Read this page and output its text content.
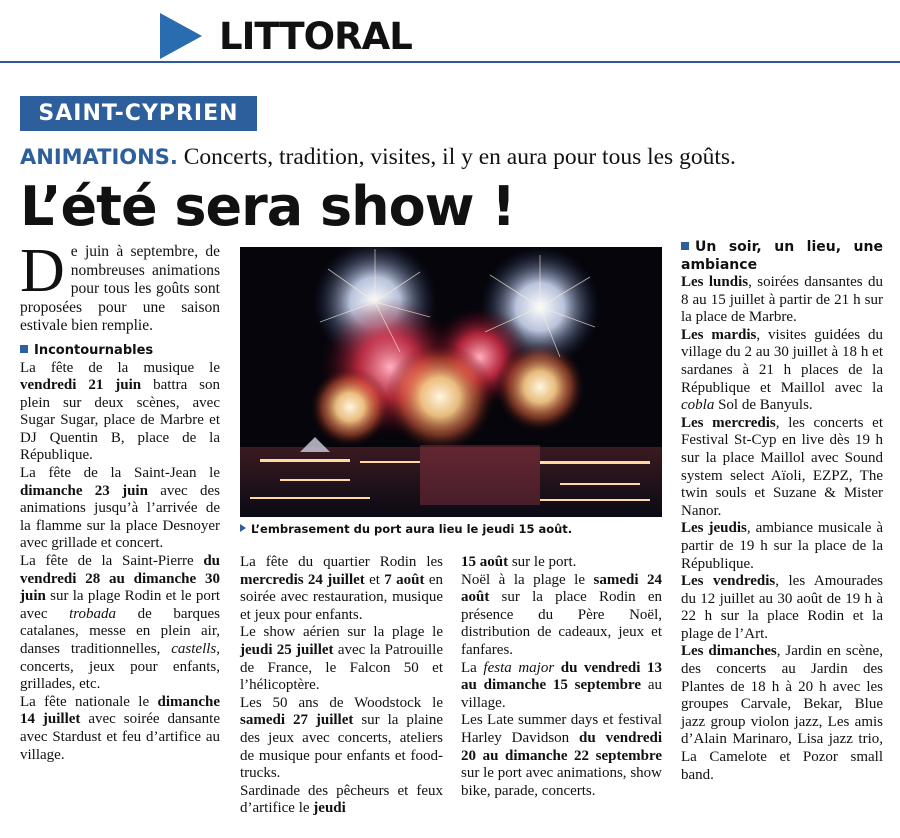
LITTORAL
SAINT-CYPRIEN
ANIMATIONS. Concerts, tradition, visites, il y en aura pour tous les goûts.
L’été sera show !

De juin à septembre, de nombreuses animations pour tous les goûts sont proposées pour une saison estivale bien remplie.

Incontournables

La fête de la musique le vendredi 21 juin battra son plein sur deux scènes, avec Sugar Sugar, place de Marbre et DJ Quentin B, place de la République.

La fête de la Saint-Jean le dimanche 23 juin avec des animations jusqu’à l’arrivée de la flamme sur la place Desnoyer avec grillade et concert.

La fête de la Saint-Pierre du vendredi 28 au dimanche 30 juin sur la plage Rodin et le port avec trobada de barques catalanes, messe en plein air, danses traditionnelles, castells, concerts, jeux pour enfants, grillades, etc.

La fête nationale le dimanche 14 juillet avec soirée dansante avec Stardust et feu d’artifice au village.

L’embrasement du port aura lieu le jeudi 15 août.

La fête du quartier Rodin les mercredis 24 juillet et 7 août en soirée avec restauration, musique et jeux pour enfants.

Le show aérien sur la plage le jeudi 25 juillet avec la Patrouille de France, le Falcon 50 et l’hélicoptère.

Les 50 ans de Woodstock le samedi 27 juillet sur la plaine des jeux avec concerts, ateliers de musique pour enfants et food-trucks.

Sardinade des pêcheurs et feux d’artifice le jeudi

15 août sur le port.

Noël à la plage le samedi 24 août sur la place Rodin en présence du Père Noël, distribution de cadeaux, jeux et fanfares.

La festa major du vendredi 13 au dimanche 15 septembre au village.

Les Late summer days et festival Harley Davidson du vendredi 20 au dimanche 22 septembre sur le port avec animations, show bike, parade, concerts.

Un soir, un lieu, une ambiance

Les lundis, soirées dansantes du 8 au 15 juillet à partir de 21 h sur la place de Marbre.

Les mardis, visites guidées du village du 2 au 30 juillet à 18 h et sardanes à 21 h places de la République et Maillol avec la cobla Sol de Banyuls.

Les mercredis, les concerts et Festival St-Cyp en live dès 19 h sur la place Maillol avec Sound system select Aïoli, EZPZ, The twin souls et Suzane & Mister Nanor.

Les jeudis, ambiance musicale à partir de 19 h sur la place de la République.

Les vendredis, les Amourades du 12 juillet au 30 août de 19 h à 22 h sur la place Rodin et la plage de l’Art.

Les dimanches, Jardin en scène, des concerts au Jardin des Plantes de 18 h à 20 h avec les groupes Carvale, Bekar, Blue jazz group violon jazz, Les amis d’Alain Marinaro, Lisa jazz trio, La Camelote et Pozor small band.
